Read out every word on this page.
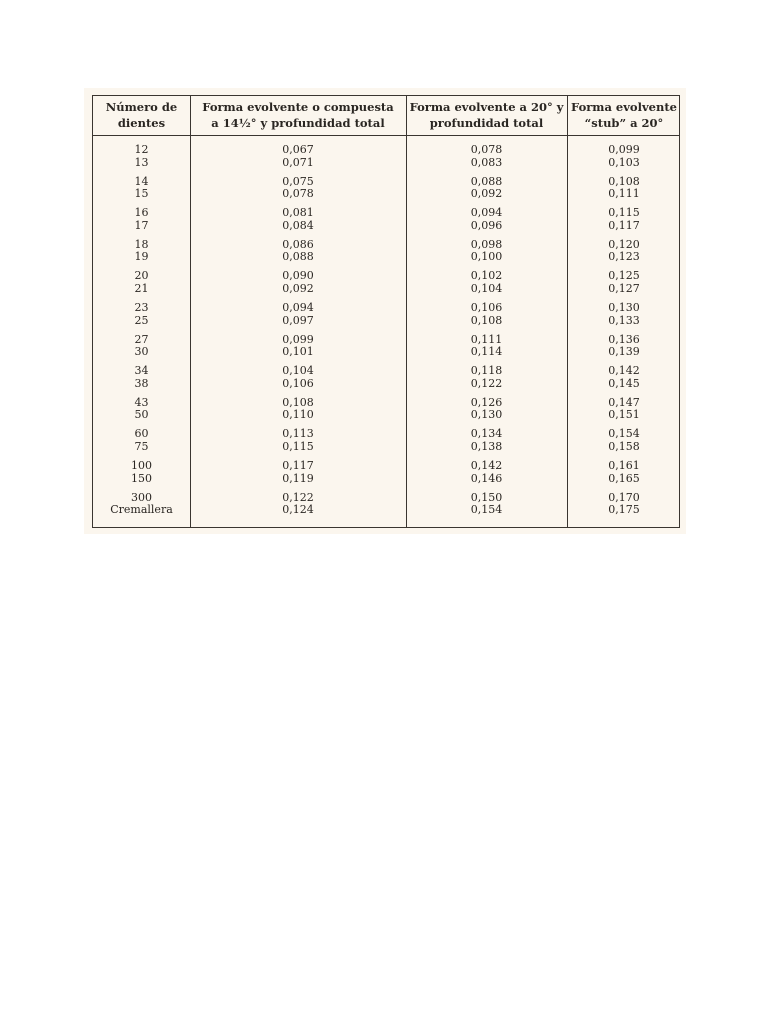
Número de
dientes
Forma evolvente o compuesta
a 14½° y profundidad total
Forma evolvente a 20° y
profundidad total
Forma evolvente
“stub” a 20°
12
13
0,067
0,071
0,078
0,083
0,099
0,103
14
15
0,075
0,078
0,088
0,092
0,108
0,111
16
17
0,081
0,084
0,094
0,096
0,115
0,117
18
19
0,086
0,088
0,098
0,100
0,120
0,123
20
21
0,090
0,092
0,102
0,104
0,125
0,127
23
25
0,094
0,097
0,106
0,108
0,130
0,133
27
30
0,099
0,101
0,111
0,114
0,136
0,139
34
38
0,104
0,106
0,118
0,122
0,142
0,145
43
50
0,108
0,110
0,126
0,130
0,147
0,151
60
75
0,113
0,115
0,134
0,138
0,154
0,158
100
150
0,117
0,119
0,142
0,146
0,161
0,165
300
Cremallera
0,122
0,124
0,150
0,154
0,170
0,175
